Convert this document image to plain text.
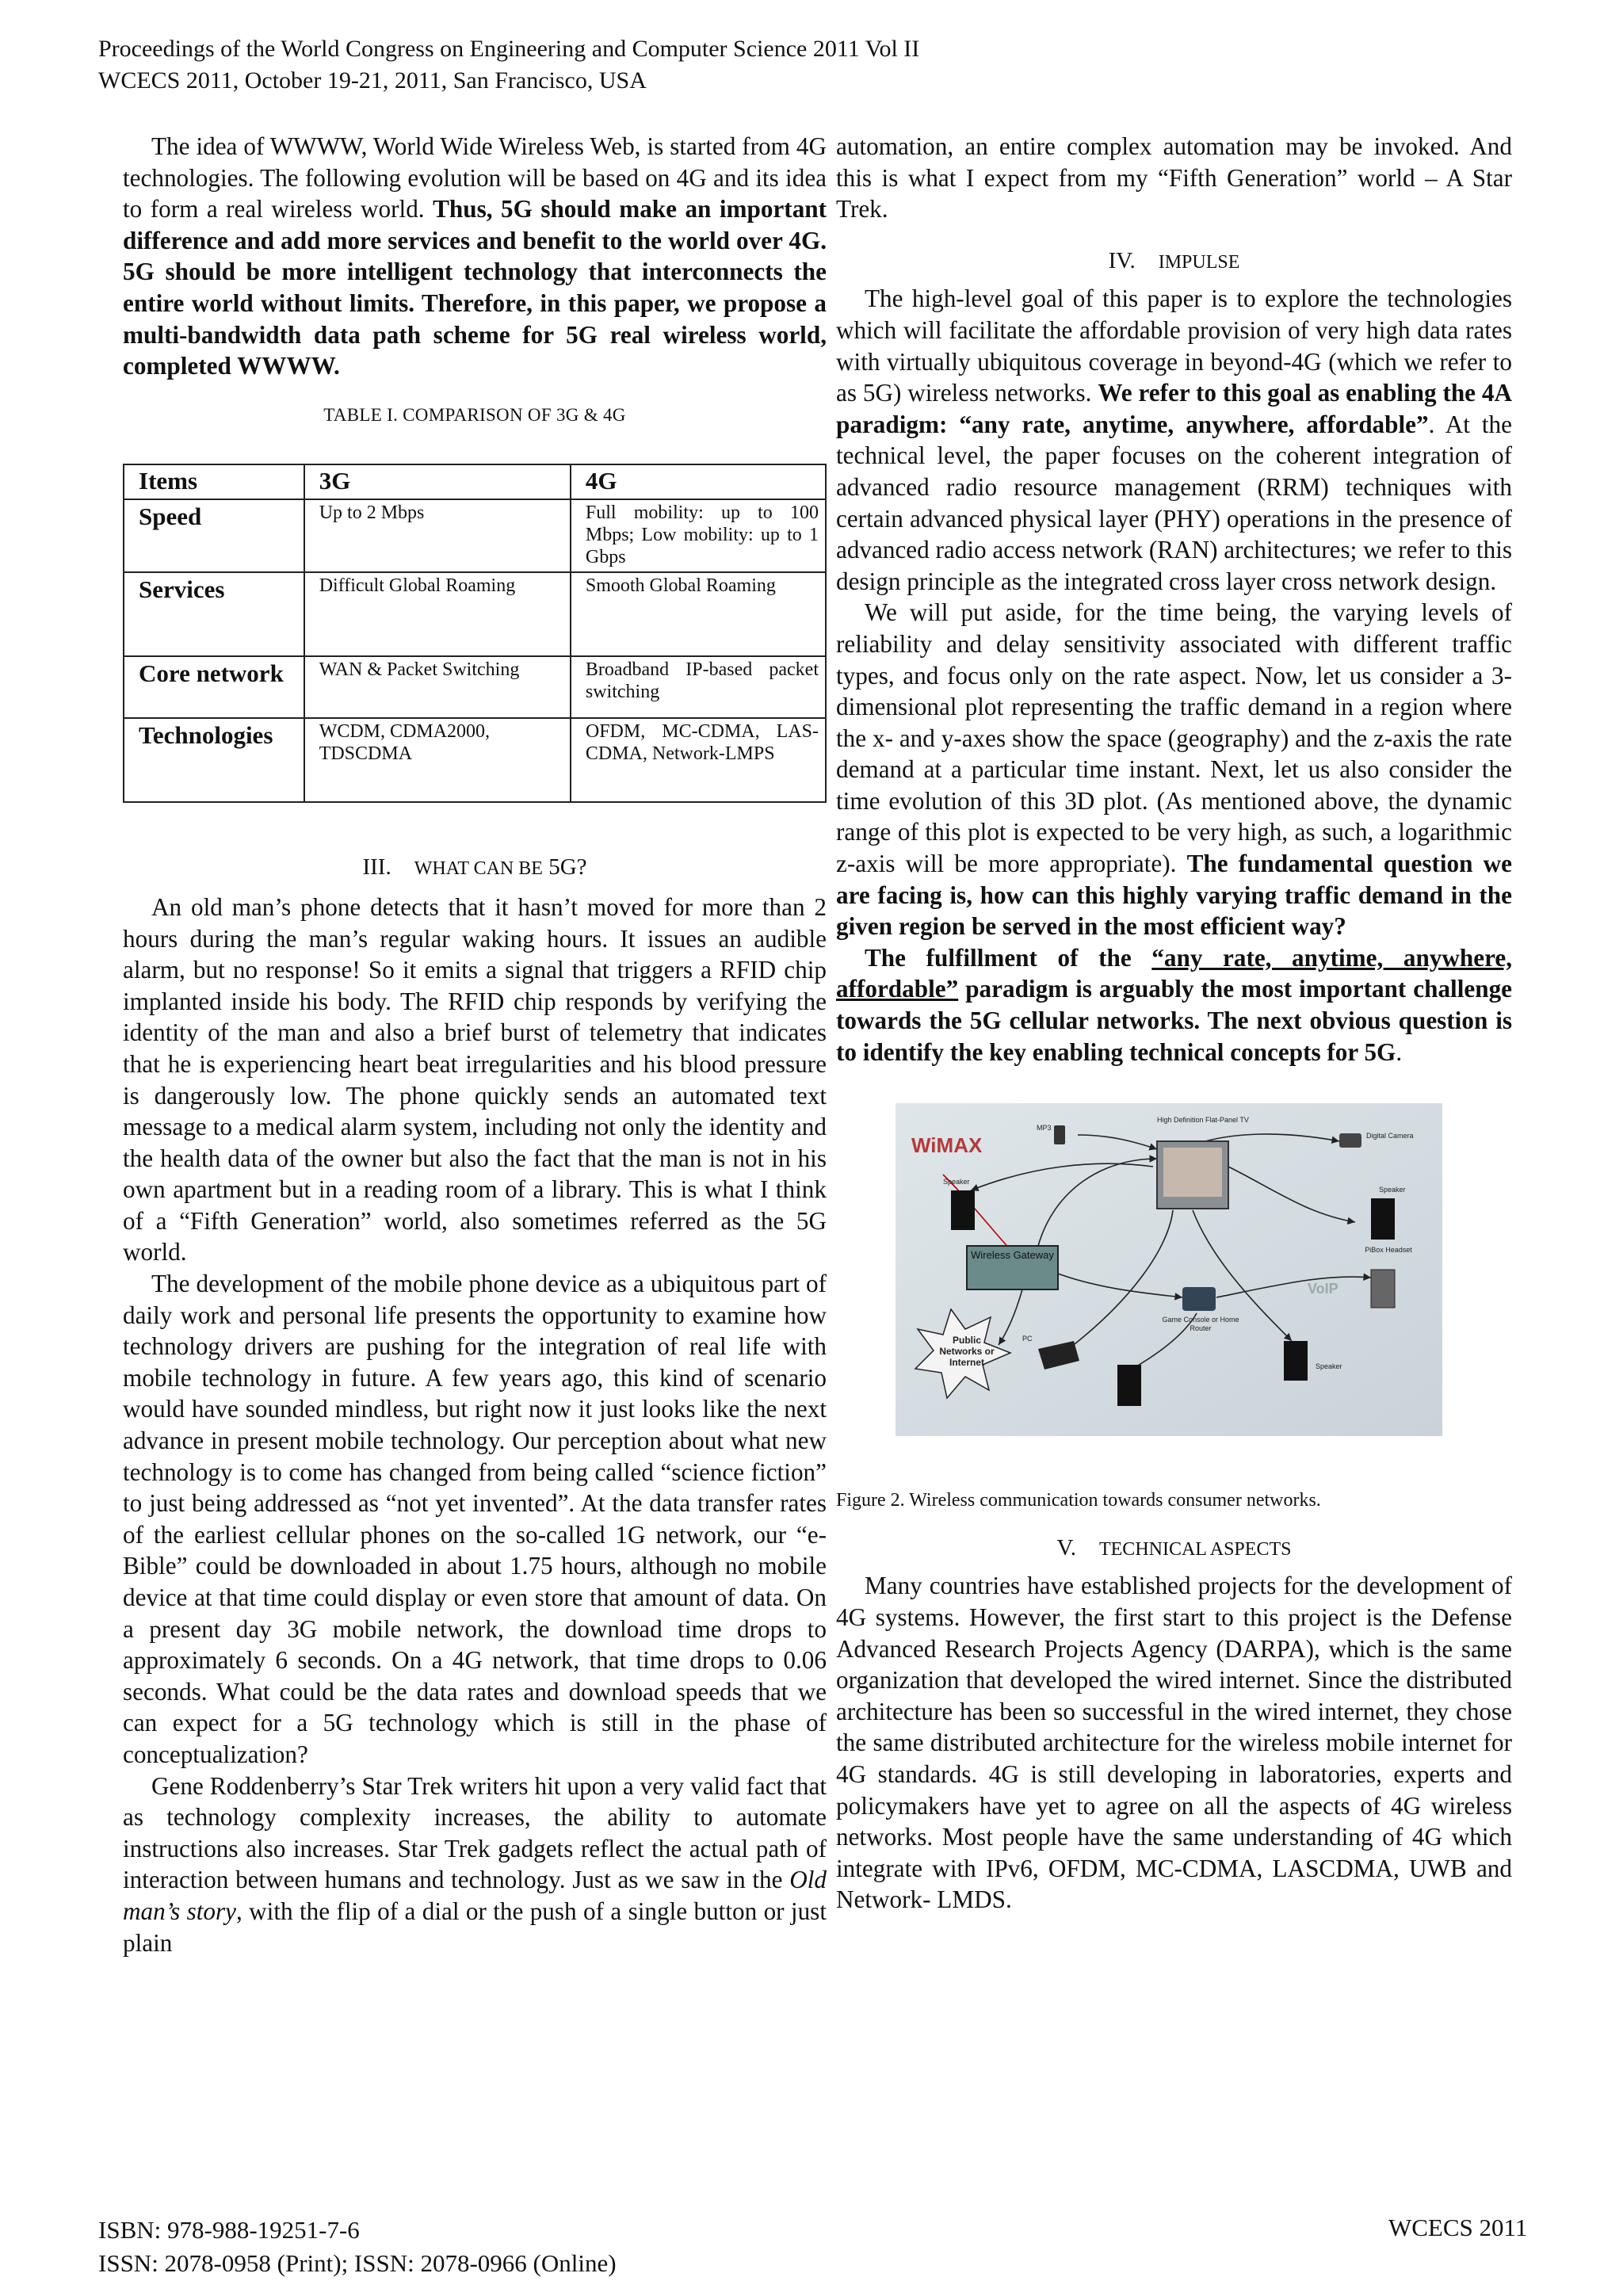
Proceedings of the World Congress on Engineering and Computer Science 2011 Vol II
WCECS 2011, October 19-21, 2011, San Francisco, USA

The idea of WWWW, World Wide Wireless Web, is started from 4G technologies. The following evolution will be based on 4G and its idea to form a real wireless world. Thus, 5G should make an important difference and add more services and benefit to the world over 4G. 5G should be more intelligent technology that interconnects the entire world without limits. Therefore, in this paper, we propose a multi-bandwidth data path scheme for 5G real wireless world, completed WWWW.

TABLE I. COMPARISON OF 3G & 4G
Items	3G	4G
Speed	Up to 2 Mbps	Full mobility: up to 100 Mbps; Low mobility: up to 1 Gbps
Services	Difficult Global Roaming	Smooth Global Roaming
Core network	WAN & Packet Switching	Broadband IP-based packet switching
Technologies	WCDM, CDMA2000, TDSCDMA	OFDM, MC-CDMA, LAS-CDMA, Network-LMPS
III. WHAT CAN BE 5G?

An old man’s phone detects that it hasn’t moved for more than 2 hours during the man’s regular waking hours. It issues an audible alarm, but no response! So it emits a signal that triggers a RFID chip implanted inside his body. The RFID chip responds by verifying the identity of the man and also a brief burst of telemetry that indicates that he is experiencing heart beat irregularities and his blood pressure is dangerously low. The phone quickly sends an automated text message to a medical alarm system, including not only the identity and the health data of the owner but also the fact that the man is not in his own apartment but in a reading room of a library. This is what I think of a “Fifth Generation” world, also sometimes referred as the 5G world.

The development of the mobile phone device as a ubiquitous part of daily work and personal life presents the opportunity to examine how technology drivers are pushing for the integration of real life with mobile technology in future. A few years ago, this kind of scenario would have sounded mindless, but right now it just looks like the next advance in present mobile technology. Our perception about what new technology is to come has changed from being called “science fiction” to just being addressed as “not yet invented”. At the data transfer rates of the earliest cellular phones on the so-called 1G network, our “e-Bible” could be downloaded in about 1.75 hours, although no mobile device at that time could display or even store that amount of data. On a present day 3G mobile network, the download time drops to approximately 6 seconds. On a 4G network, that time drops to 0.06 seconds. What could be the data rates and download speeds that we can expect for a 5G technology which is still in the phase of conceptualization?

Gene Roddenberry’s Star Trek writers hit upon a very valid fact that as technology complexity increases, the ability to automate instructions also increases. Star Trek gadgets reflect the actual path of interaction between humans and technology. Just as we saw in the Old man’s story, with the flip of a dial or the push of a single button or just plain

automation, an entire complex automation may be invoked. And this is what I expect from my “Fifth Generation” world – A Star Trek.

IV. IMPULSE

The high-level goal of this paper is to explore the technologies which will facilitate the affordable provision of very high data rates with virtually ubiquitous coverage in beyond-4G (which we refer to as 5G) wireless networks. We refer to this goal as enabling the 4A paradigm: “any rate, anytime, anywhere, affordable”. At the technical level, the paper focuses on the coherent integration of advanced radio resource management (RRM) techniques with certain advanced physical layer (PHY) operations in the presence of advanced radio access network (RAN) architectures; we refer to this design principle as the integrated cross layer cross network design.

We will put aside, for the time being, the varying levels of reliability and delay sensitivity associated with different traffic types, and focus only on the rate aspect. Now, let us consider a 3-dimensional plot representing the traffic demand in a region where the x- and y-axes show the space (geography) and the z-axis the rate demand at a particular time instant. Next, let us also consider the time evolution of this 3D plot. (As mentioned above, the dynamic range of this plot is expected to be very high, as such, a logarithmic z-axis will be more appropriate). The fundamental question we are facing is, how can this highly varying traffic demand in the given region be served in the most efficient way?

The fulfillment of the “any rate, anytime, anywhere, affordable” paradigm is arguably the most important challenge towards the 5G cellular networks. The next obvious question is to identify the key enabling technical concepts for 5G.

WiMAX
MP3
High Definition Flat-Panel TV
Digital Camera
Speaker
Speaker
Speaker
Wireless Gateway
Public Networks or Internet
Game Console or Home Router
PiBox Headset
VoIP
PC
Figure 2. Wireless communication towards consumer networks.
V. TECHNICAL ASPECTS

Many countries have established projects for the development of 4G systems. However, the first start to this project is the Defense Advanced Research Projects Agency (DARPA), which is the same organization that developed the wired internet. Since the distributed architecture has been so successful in the wired internet, they chose the same distributed architecture for the wireless mobile internet for 4G standards. 4G is still developing in laboratories, experts and policymakers have yet to agree on all the aspects of 4G wireless networks. Most people have the same understanding of 4G which integrate with IPv6, OFDM, MC-CDMA, LASCDMA, UWB and Network- LMDS.

ISBN: 978-988-19251-7-6
ISSN: 2078-0958 (Print); ISSN: 2078-0966 (Online)
WCECS 2011
